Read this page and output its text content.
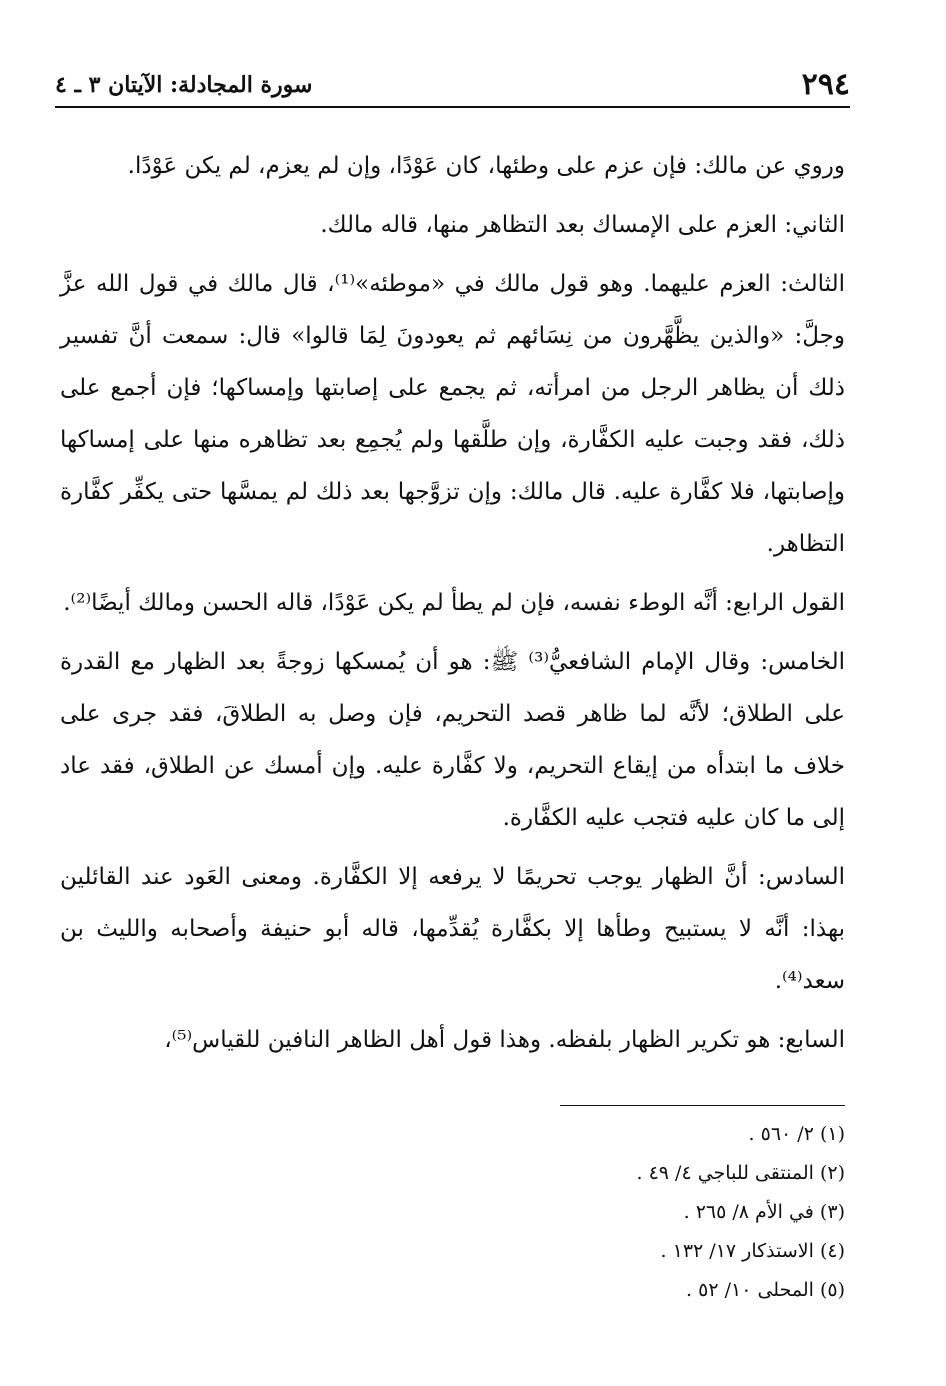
٢٩٤
سورة المجادلة: الآيتان ٣ ـ ٤

وروي عن مالك: فإن عزم على وطئها، كان عَوْدًا، وإن لم يعزم، لم يكن عَوْدًا.

الثاني: العزم على الإمساك بعد التظاهر منها، قاله مالك.

الثالث: العزم عليهما. وهو قول مالك في «موطئه»⁽¹⁾، قال مالك في قول الله عزَّ وجلَّ: «والذين يظَّهَّرون من نِسَائهم ثم يعودونَ لِمَا قالوا» قال: سمعت أنَّ تفسير ذلك أن يظاهر الرجل من امرأته، ثم يجمع على إصابتها وإمساكها؛ فإن أجمع على ذلك، فقد وجبت عليه الكفَّارة، وإن طلَّقها ولم يُجمِع بعد تظاهره منها على إمساكها وإصابتها، فلا كفَّارة عليه. قال مالك: وإن تزوَّجها بعد ذلك لم يمسَّها حتى يكفِّر كفَّارة التظاهر.

القول الرابع: أنَّه الوطء نفسه، فإن لم يطأ لم يكن عَوْدًا، قاله الحسن ومالك أيضًا⁽²⁾.

الخامس: وقال الإمام الشافعيُّ⁽³⁾ ﷺ: هو أن يُمسكها زوجةً بعد الظهار مع القدرة على الطلاق؛ لأنَّه لما ظاهر قصد التحريم، فإن وصل به الطلاقَ، فقد جرى على خلاف ما ابتدأه من إيقاع التحريم، ولا كفَّارة عليه. وإن أمسك عن الطلاق، فقد عاد إلى ما كان عليه فتجب عليه الكفَّارة.

السادس: أنَّ الظهار يوجب تحريمًا لا يرفعه إلا الكفَّارة. ومعنى العَود عند القائلين بهذا: أنَّه لا يستبيح وطأها إلا بكفَّارة يُقدِّمها، قاله أبو حنيفة وأصحابه والليث بن سعد⁽⁴⁾.

السابع: هو تكرير الظهار بلفظه. وهذا قول أهل الظاهر النافين للقياس⁽⁵⁾،

(١) ٢/ ٥٦٠ .
(٢) المنتقى للباجي ٤/ ٤٩ .
(٣) في الأم ٨/ ٢٦٥ .
(٤) الاستذكار ١٧/ ١٣٢ .
(٥) المحلى ١٠/ ٥٢ .
